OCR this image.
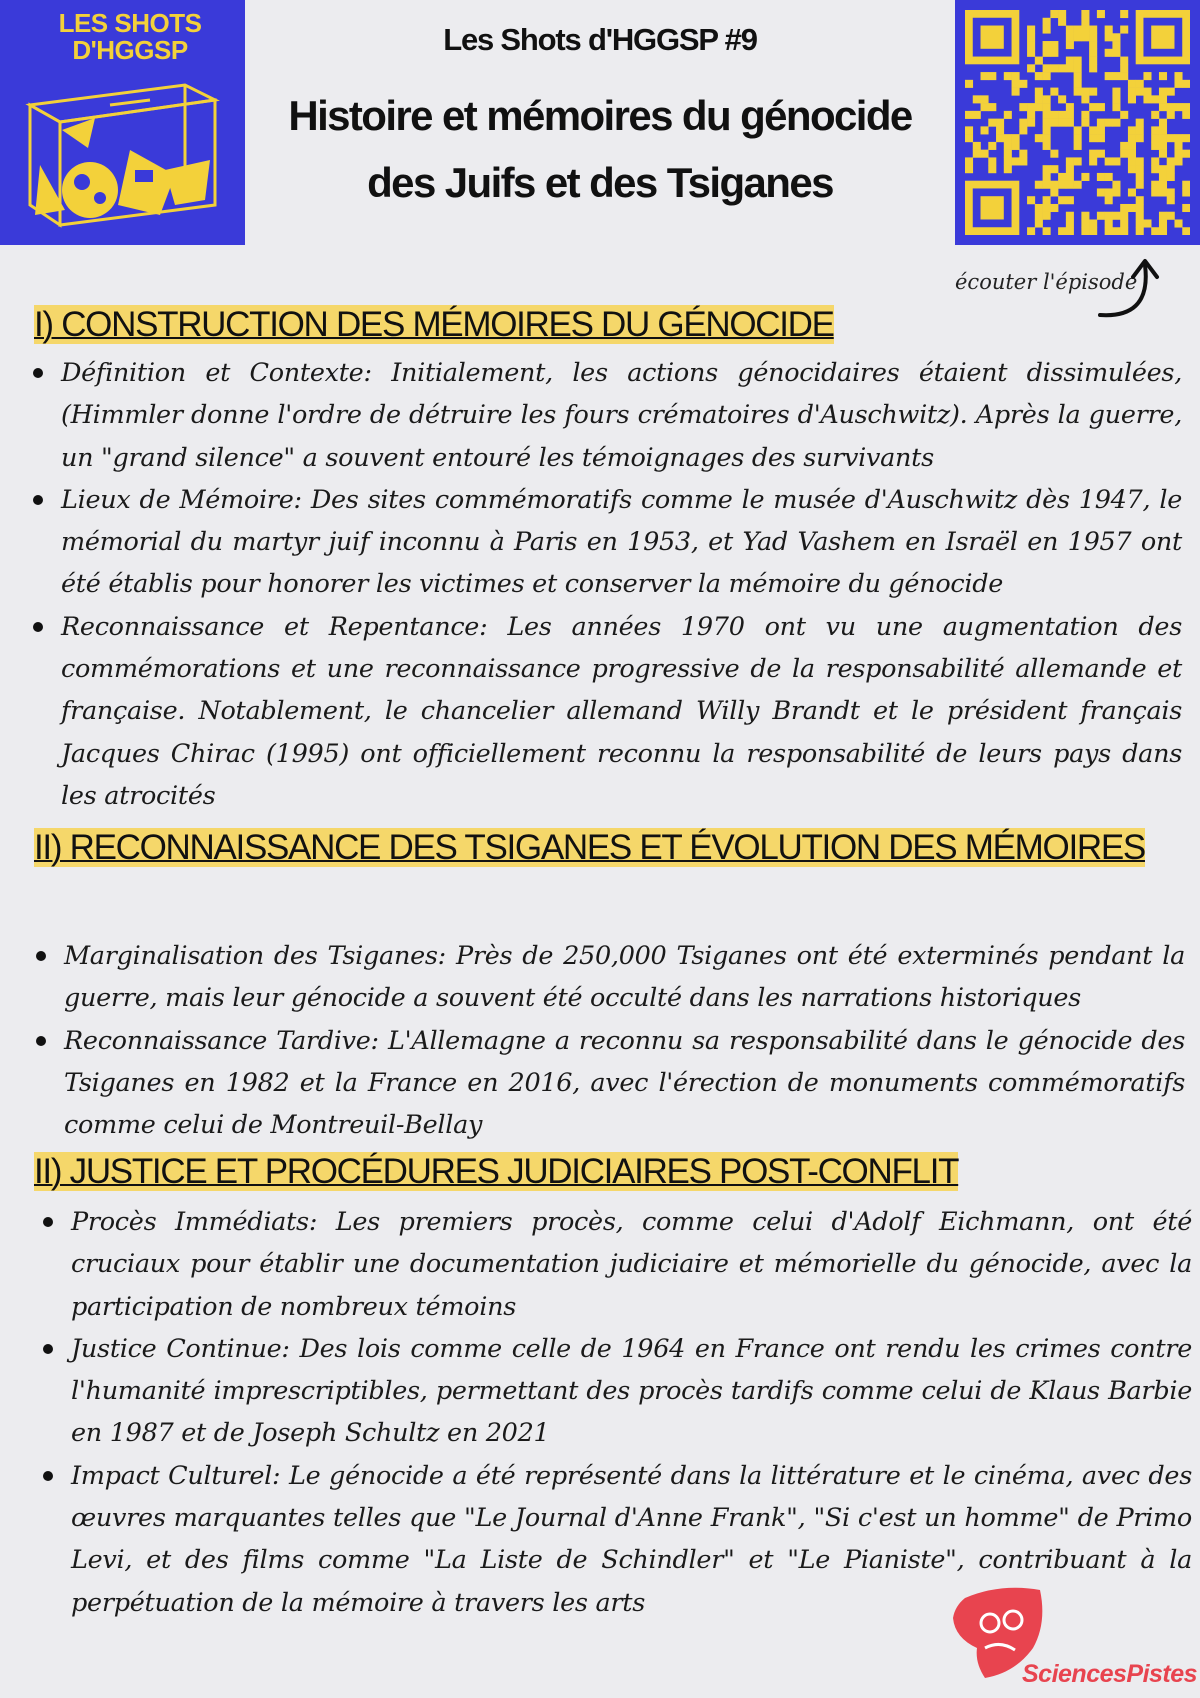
LES SHOTS D'HGGSP	Les Shots d'HGGSP #9
Histoire et mémoires du génocide des Juifs et des Tsiganes
écouter l'épisode
I) CONSTRUCTION DES MÉMOIRES DU GÉNOCIDE
Définition et Contexte: Initialement, les actions génocidaires étaient dissimulées, (Himmler donne l'ordre de détruire les fours crématoires d'Auschwitz). Après la guerre, un "grand silence" a souvent entouré les témoignages des survivants
Lieux de Mémoire: Des sites commémoratifs comme le musée d'Auschwitz dès 1947, le mémorial du martyr juif inconnu à Paris en 1953, et Yad Vashem en Israël en 1957 ont été établis pour honorer les victimes et conserver la mémoire du génocide
Reconnaissance et Repentance: Les années 1970 ont vu une augmentation des commémorations et une reconnaissance progressive de la responsabilité allemande et française. Notablement, le chancelier allemand Willy Brandt et le président français Jacques Chirac (1995) ont officiellement reconnu la responsabilité de leurs pays dans les atrocités
II) RECONNAISSANCE DES TSIGANES ET ÉVOLUTION DES MÉMOIRES
Marginalisation des Tsiganes: Près de 250,000 Tsiganes ont été exterminés pendant la guerre, mais leur génocide a souvent été occulté dans les narrations historiques
Reconnaissance Tardive: L'Allemagne a reconnu sa responsabilité dans le génocide des Tsiganes en 1982 et la France en 2016, avec l'érection de monuments commémoratifs comme celui de Montreuil-Bellay
II) JUSTICE ET PROCÉDURES JUDICIAIRES POST-CONFLIT
Procès Immédiats: Les premiers procès, comme celui d'Adolf Eichmann, ont été cruciaux pour établir une documentation judiciaire et mémorielle du génocide, avec la participation de nombreux témoins
Justice Continue: Des lois comme celle de 1964 en France ont rendu les crimes contre l'humanité imprescriptibles, permettant des procès tardifs comme celui de Klaus Barbie en 1987 et de Joseph Schultz en 2021
Impact Culturel: Le génocide a été représenté dans la littérature et le cinéma, avec des œuvres marquantes telles que "Le Journal d'Anne Frank", "Si c'est un homme" de Primo Levi, et des films comme "La Liste de Schindler" et "Le Pianiste", contribuant à la perpétuation de la mémoire à travers les arts
SciencesPistes
